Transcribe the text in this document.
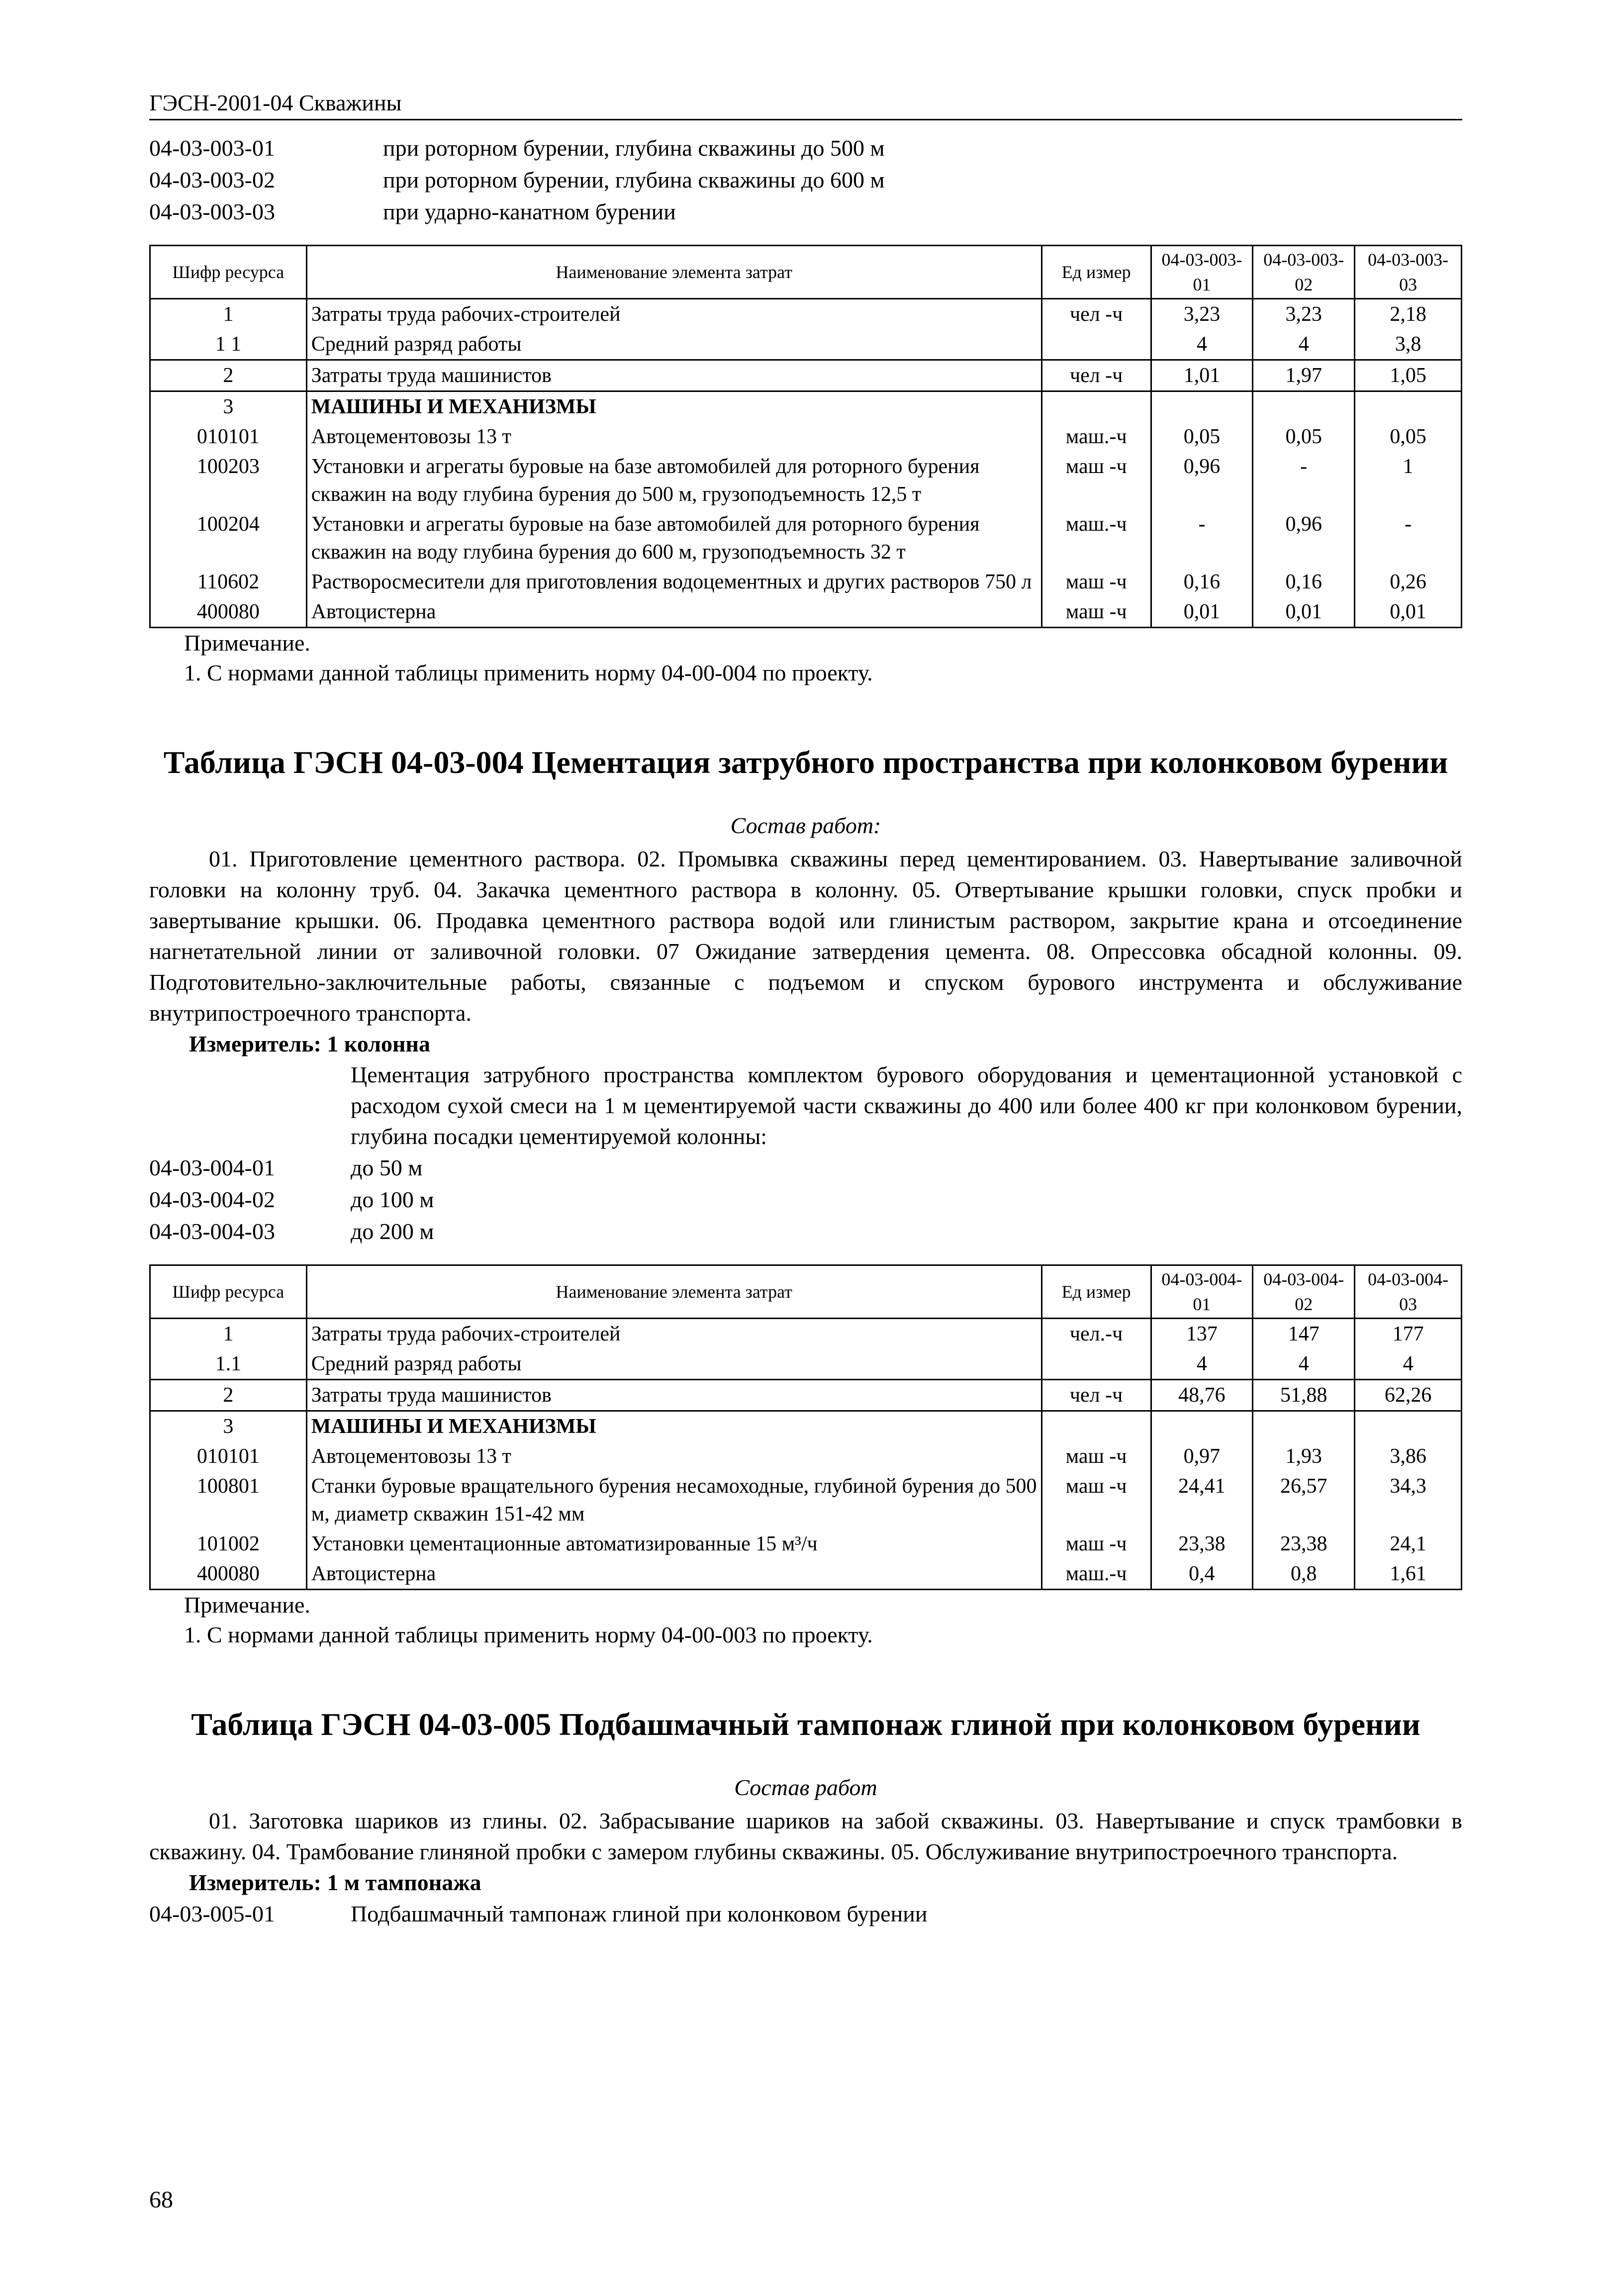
ГЭСН-2001-04 Скважины
04-03-003-01	при роторном бурении, глубина скважины до 500 м
04-03-003-02	при роторном бурении, глубина скважины до 600 м
04-03-003-03	при ударно-канатном бурении
Шифр ресурса	Наименование элемента затрат	Ед измер	04-03-003-01	04-03-003-02	04-03-003-03
1	Затраты труда рабочих-строителей	чел -ч	3,23	3,23	2,18
1 1	Средний разряд работы		4	4	3,8
2	Затраты труда машинистов	чел -ч	1,01	1,97	1,05
3	МАШИНЫ И МЕХАНИЗМЫ				
010101	Автоцементовозы 13 т	маш.-ч	0,05	0,05	0,05
100203	Установки и агрегаты буровые на базе автомобилей для роторного бурения скважин на воду глубина бурения до 500 м, грузоподъемность 12,5 т	маш -ч	0,96	-	1
100204	Установки и агрегаты буровые на базе автомобилей для роторного бурения скважин на воду глубина бурения до 600 м, грузоподъемность 32 т	маш.-ч	-	0,96	-
110602	Растворосмесители для приготовления водоцементных и других растворов 750 л	маш -ч	0,16	0,16	0,26
400080	Автоцистерна	маш -ч	0,01	0,01	0,01
Примечание.
1. С нормами данной таблицы применить норму 04-00-004 по проекту.
Таблица ГЭСН 04-03-004 Цементация затрубного пространства при колонковом бурении
Состав работ:
01. Приготовление цементного раствора. 02. Промывка скважины перед цементированием. 03. Навертывание заливочной головки на колонну труб. 04. Закачка цементного раствора в колонну. 05. Отвертывание крышки головки, спуск пробки и завертывание крышки. 06. Продавка цементного раствора водой или глинистым раствором, закрытие крана и отсоединение нагнетательной линии от заливочной головки. 07 Ожидание затвердения цемента. 08. Опрессовка обсадной колонны. 09. Подготовительно-заключительные работы, связанные с подъемом и спуском бурового инструмента и обслуживание внутрипостроечного транспорта.
Измеритель: 1 колонна
Цементация затрубного пространства комплектом бурового оборудования и цементационной установкой с расходом сухой смеси на 1 м цементируемой части скважины до 400 или более 400 кг при колонковом бурении, глубина посадки цементируемой колонны:
04-03-004-01	до 50 м
04-03-004-02	до 100 м
04-03-004-03	до 200 м
Шифр ресурса	Наименование элемента затрат	Ед измер	04-03-004-01	04-03-004-02	04-03-004-03
1	Затраты труда рабочих-строителей	чел.-ч	137	147	177
1.1	Средний разряд работы		4	4	4
2	Затраты труда машинистов	чел -ч	48,76	51,88	62,26
3	МАШИНЫ И МЕХАНИЗМЫ				
010101	Автоцементовозы 13 т	маш -ч	0,97	1,93	3,86
100801	Станки буровые вращательного бурения несамоходные, глубиной бурения до 500 м, диаметр скважин 151-42 мм	маш -ч	24,41	26,57	34,3
101002	Установки цементационные автоматизированные 15 м³/ч	маш -ч	23,38	23,38	24,1
400080	Автоцистерна	маш.-ч	0,4	0,8	1,61
Примечание.
1. С нормами данной таблицы применить норму 04-00-003 по проекту.
Таблица ГЭСН 04-03-005 Подбашмачный тампонаж глиной при колонковом бурении
Состав работ
01. Заготовка шариков из глины. 02. Забрасывание шариков на забой скважины. 03. Навертывание и спуск трамбовки в скважину. 04. Трамбование глиняной пробки с замером глубины скважины. 05. Обслуживание внутрипостроечного транспорта.
Измеритель: 1 м тампонажа
04-03-005-01	Подбашмачный тампонаж глиной при колонковом бурении
68
